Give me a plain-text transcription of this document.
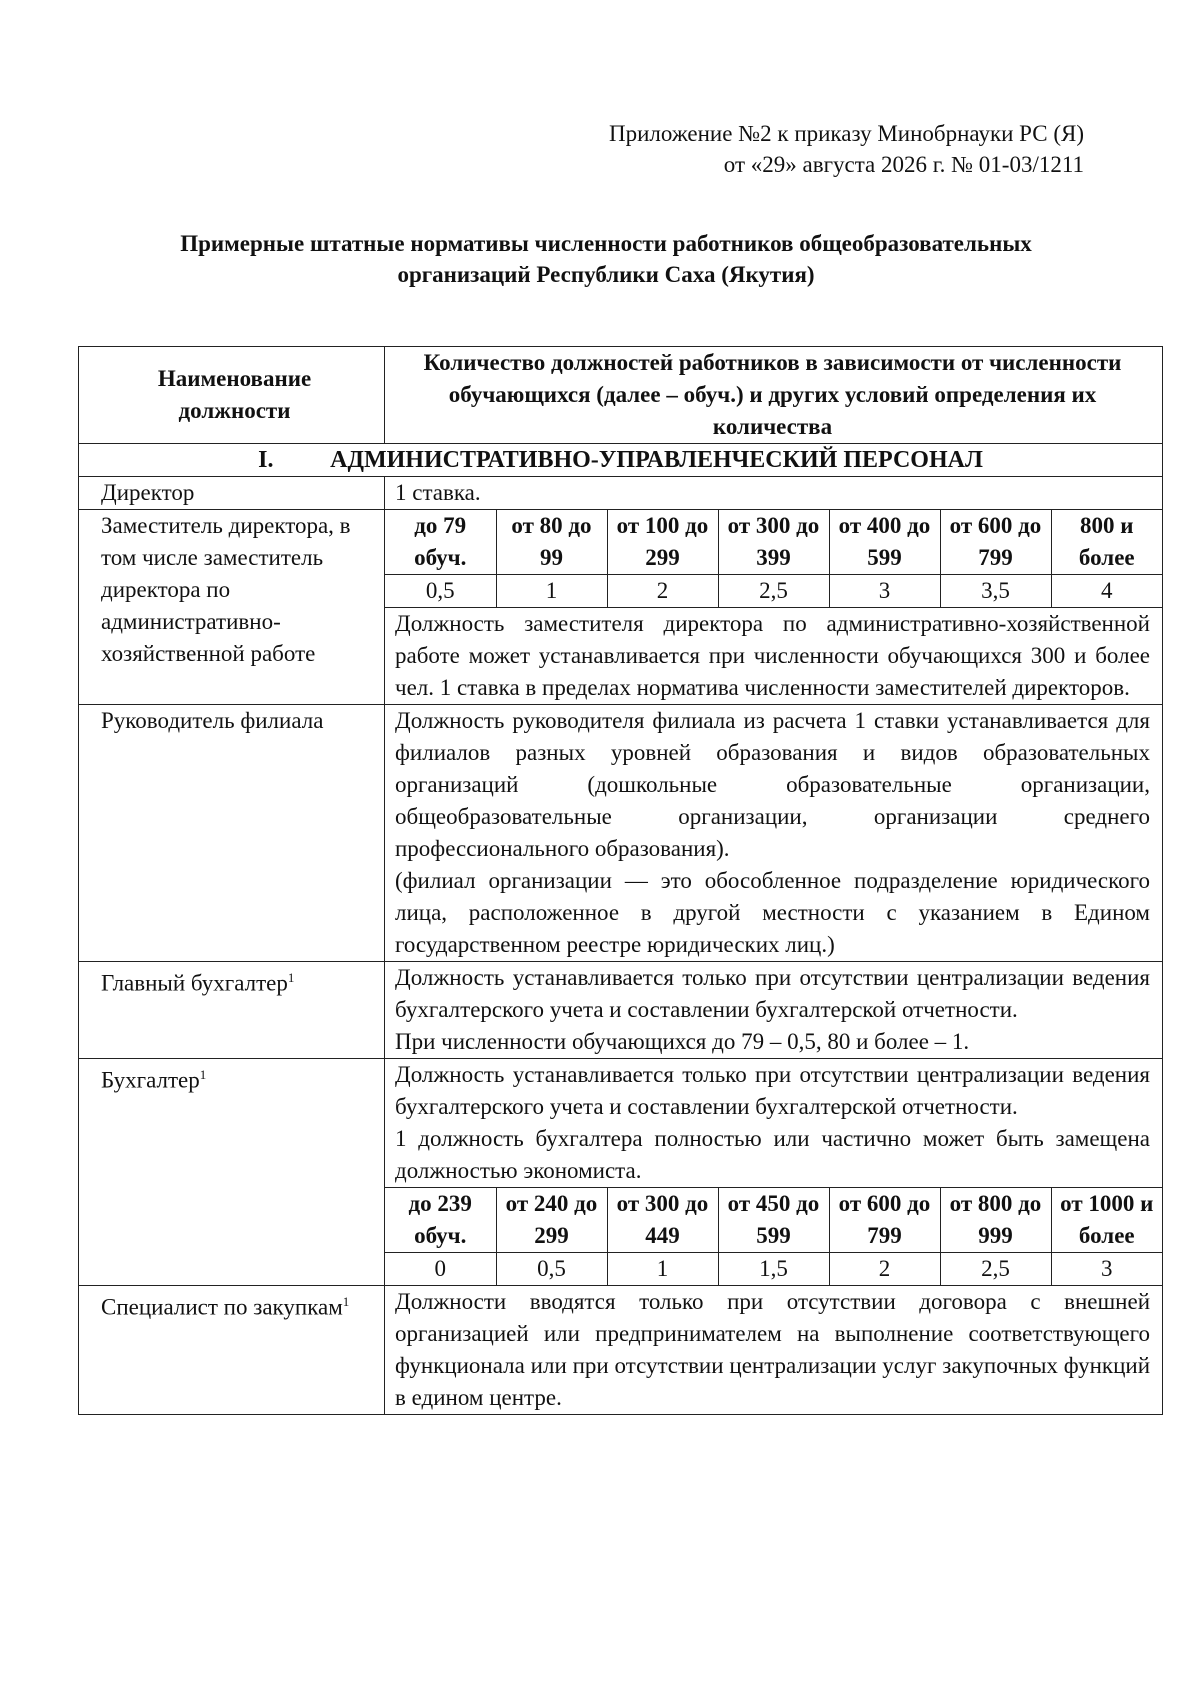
Приложение №2 к приказу Минобрнауки РС (Я)
от «29» августа 2026 г. № 01-03/1211
Примерные штатные нормативы численности работников общеобразовательных
организаций Республики Саха (Якутия)
Наименование должности	Количество должностей работников в зависимости от численности обучающихся (далее – обуч.) и других условий определения их количества
I. АДМИНИСТРАТИВНО-УПРАВЛЕНЧЕСКИЙ ПЕРСОНАЛ
Директор	1 ставка.
Заместитель директора, в том числе заместитель директора по административно-хозяйственной работе	
до 79 обуч.	от 80 до 99	от 100 до 299	от 300 до 399	от 400 до 599	от 600 до 799	800 и более
0,5	1	2	2,5	3	3,5	4
Должность заместителя директора по административно-хозяйственной работе может устанавливается при численности обучающихся 300 и более чел. 1 ставка в пределах норматива численности заместителей директоров.

Руководитель филиала	Должность руководителя филиала из расчета 1 ставки устанавливается для филиалов разных уровней образования и видов образовательных организаций (дошкольные образовательные организации, общеобразовательные организации, организации среднего профессионального образования).
(филиал организации — это обособленное подразделение юридического лица, расположенное в другой местности с указанием в Едином государственном реестре юридических лиц.)

Главный бухгалтер$^1$	Должность устанавливается только при отсутствии централизации ведения бухгалтерского учета и составлении бухгалтерской отчетности.
При численности обучающихся до 79 – 0,5, 80 и более – 1.

Бухгалтер$^1$	Должность устанавливается только при отсутствии централизации ведения бухгалтерского учета и составлении бухгалтерской отчетности.
1 должность бухгалтера полностью или частично может быть замещена должностью экономиста.
до 239 обуч.	от 240 до 299	от 300 до 449	от 450 до 599	от 600 до 799	от 800 до 999	от 1000 и более
0	0,5	1	1,5	2	2,5	3

Специалист по закупкам$^1$	Должности вводятся только при отсутствии договора с внешней организацией или предпринимателем на выполнение соответствующего функционала или при отсутствии централизации услуг закупочных функций в едином центре.
